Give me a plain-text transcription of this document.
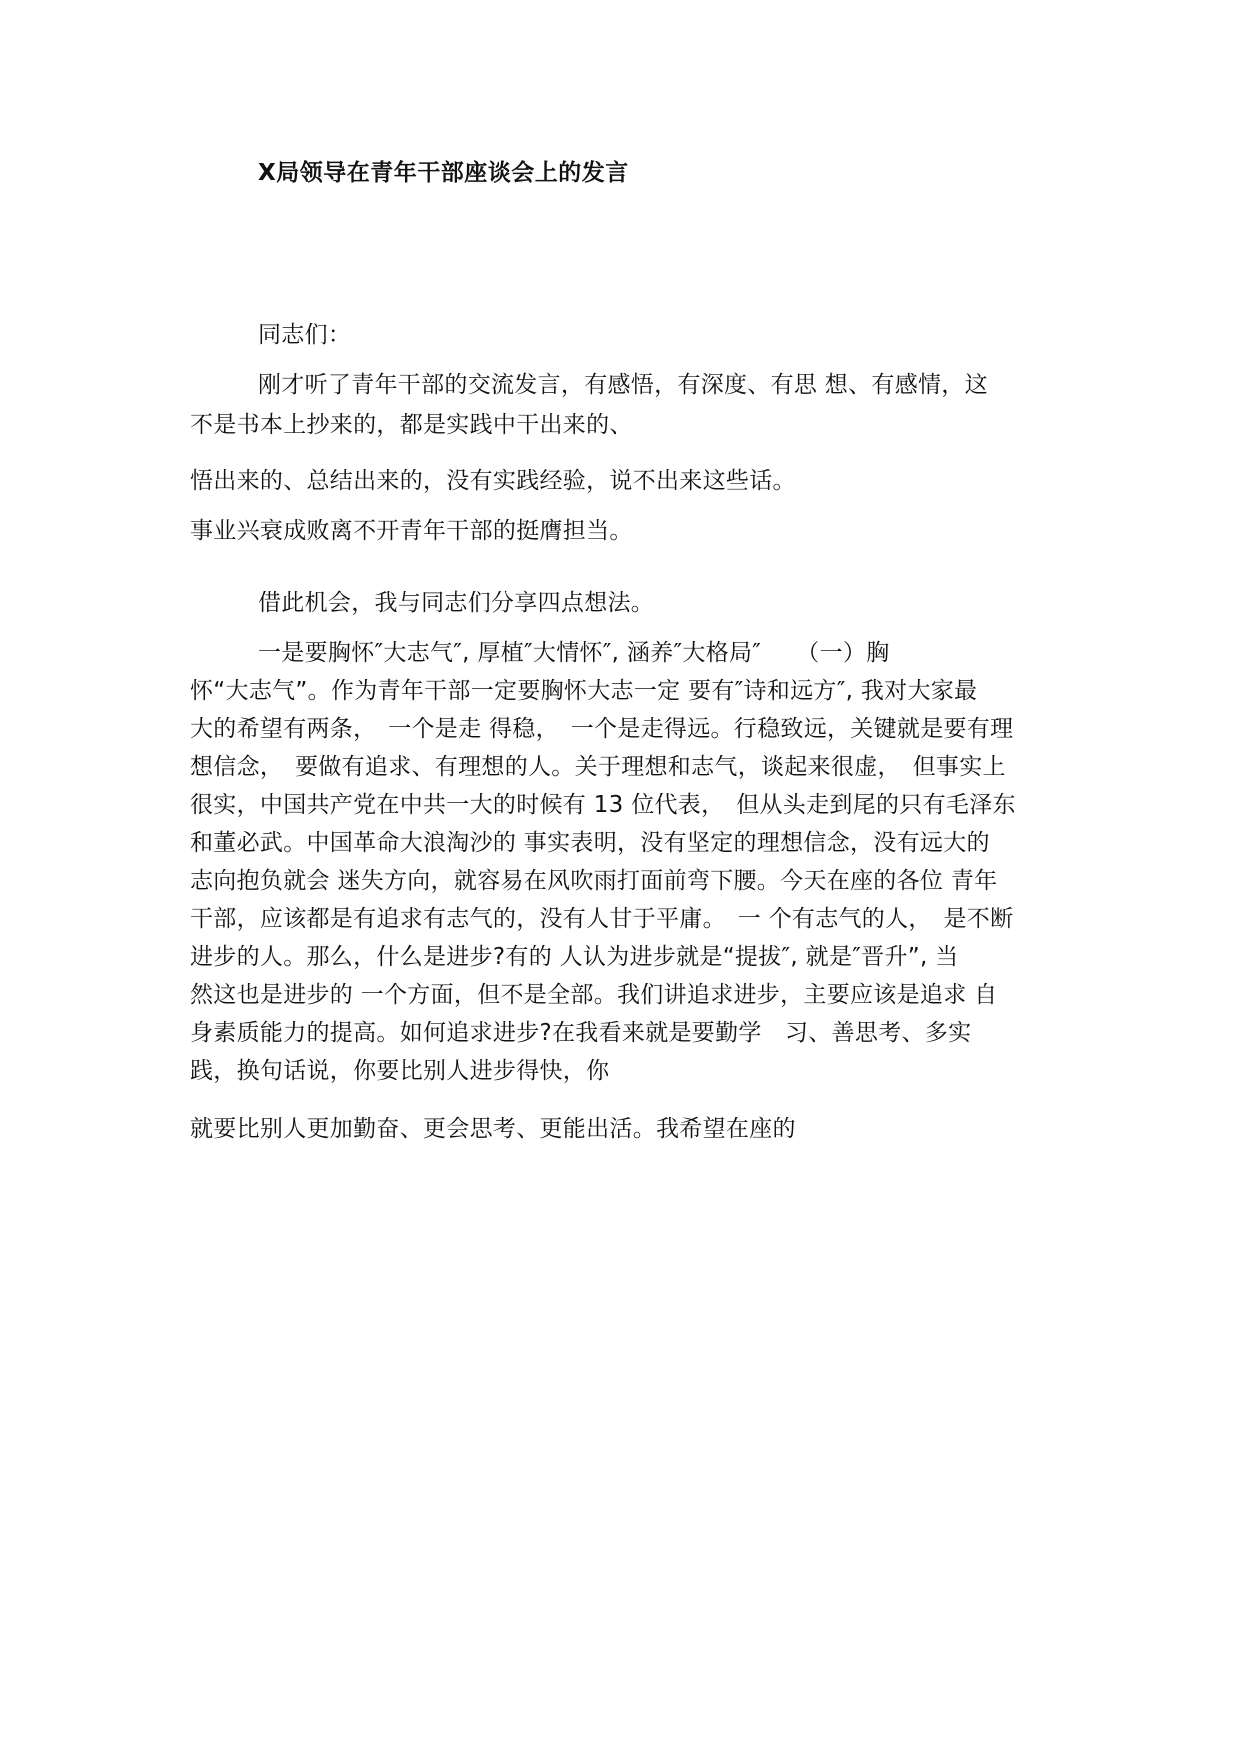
X局领导在青年干部座谈会上的发言
同志们：
刚才听了青年干部的交流发言，有感悟，有深度、有思 想、有感情，这
不是书本上抄来的，都是实践中干出来的、
悟出来的、总结出来的，没有实践经验，说不出来这些话。
事业兴衰成败离不开青年干部的挺膺担当。
借此机会，我与同志们分享四点想法。
一是要胸怀″大志气″, 厚植″大情怀″, 涵养″大格局″　　（一）胸
怀“大志气”。作为青年干部一定要胸怀大志一定 要有″诗和远方″, 我对大家最
大的希望有两条，　一个是走 得稳，　一个是走得远。行稳致远，关键就是要有理
想信念，　要做有追求、有理想的人。关于理想和志气，谈起来很虚，　但事实上
很实，中国共产党在中共一大的时候有 13 位代表，　但从头走到尾的只有毛泽东
和董必武。中国革命大浪淘沙的 事实表明，没有坚定的理想信念，没有远大的
志向抱负就会 迷失方向，就容易在风吹雨打面前弯下腰。今天在座的各位 青年
干部，应该都是有追求有志气的，没有人甘于平庸。　一 个有志气的人，　是不断
进步的人。那么，什么是进步?有的 人认为进步就是“提拔″, 就是″晋升”, 当
然这也是进步的 一个方面，但不是全部。我们讲追求进步，主要应该是追求 自
身素质能力的提高。如何追求进步?在我看来就是要勤学　习、善思考、多实
践，换句话说，你要比别人进步得快，你
就要比别人更加勤奋、更会思考、更能出活。我希望在座的
